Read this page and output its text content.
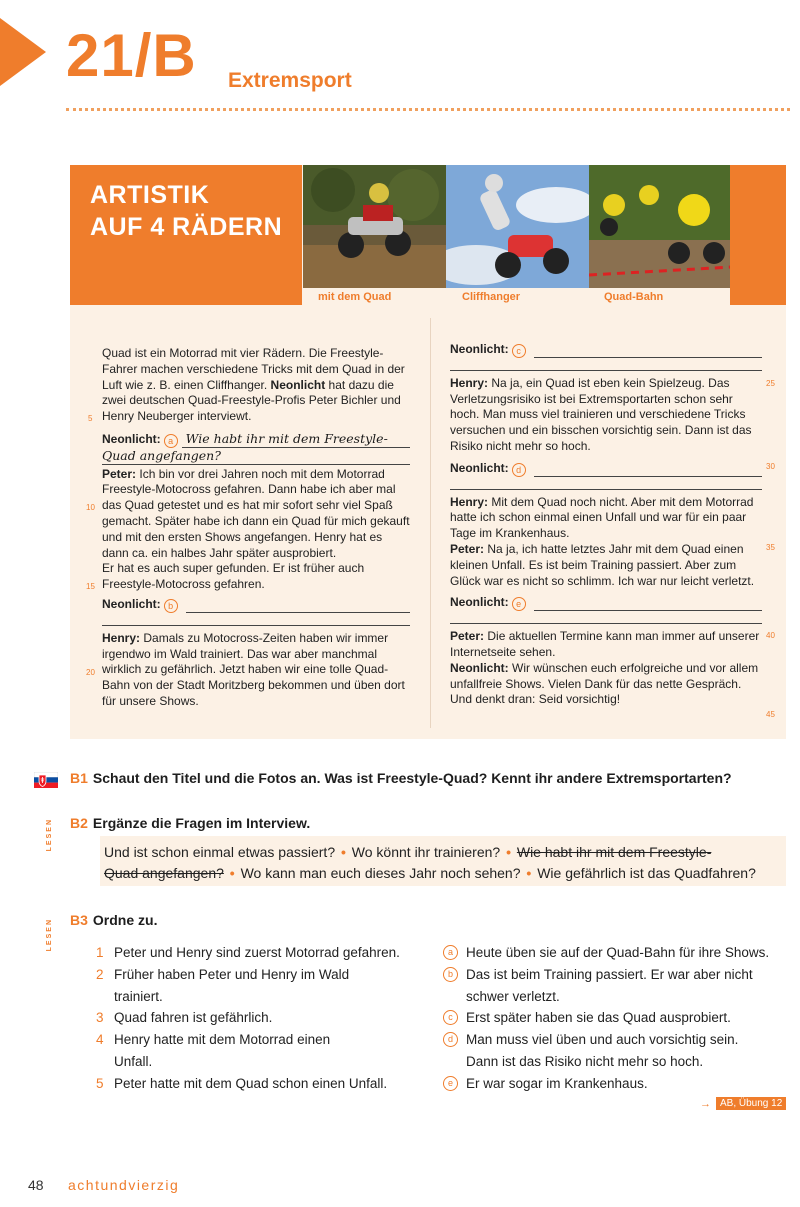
21/B Extremsport
ARTISTIK
AUF 4 RÄDERN
mit dem Quad	Cliffhanger	Quad-Bahn

Quad ist ein Motorrad mit vier Rädern. Die Freestyle-Fahrer machen verschiedene Tricks mit dem Quad in der Luft wie z. B. einen Cliffhanger. Neonlicht hat dazu die zwei deutschen Quad-Freestyle-Profis Peter Bichler und Henry Neuberger interviewt.

Neonlicht: a	Wie habt ihr mit dem Freestyle-
Quad angefangen?

Peter: Ich bin vor drei Jahren noch mit dem Motorrad Freestyle-Motocross gefahren. Dann habe ich aber mal das Quad getestet und es hat mir sofort sehr viel Spaß gemacht. Später habe ich dann ein Quad für mich gekauft und mit den ersten Shows angefangen. Henry hat es dann ca. ein halbes Jahr später ausprobiert.

Er hat es auch super gefunden. Er ist früher auch Freestyle-Motocross gefahren.

Neonlicht: b

Henry: Damals zu Motocross-Zeiten haben wir immer irgendwo im Wald trainiert. Das war aber manchmal wirklich zu gefährlich. Jetzt haben wir eine tolle Quad-Bahn von der Stadt Moritzberg bekommen und üben dort für unsere Shows.

5
10
15
20
Neonlicht: c

Henry: Na ja, ein Quad ist eben kein Spielzeug. Das Verletzungsrisiko ist bei Extremsportarten schon sehr hoch. Man muss viel trainieren und verschiedene Tricks versuchen und ein bisschen vorsichtig sein. Dann ist das Risiko nicht mehr so hoch.

Neonlicht: d

Henry: Mit dem Quad noch nicht. Aber mit dem Motorrad hatte ich schon einmal einen Unfall und war für ein paar Tage im Krankenhaus.

Peter: Na ja, ich hatte letztes Jahr mit dem Quad einen kleinen Unfall. Es ist beim Training passiert. Aber zum Glück war es nicht so schlimm. Ich war nur leicht verletzt.

Neonlicht: e

Peter: Die aktuellen Termine kann man immer auf unserer Internetseite sehen.

Neonlicht: Wir wünschen euch erfolgreiche und vor allem unfallfreie Shows. Vielen Dank für das nette Gespräch. Und denkt dran: Seid vorsichtig!

25
30
35
40
45
B1 Schaut den Titel und die Fotos an. Was ist Freestyle-Quad? Kennt ihr andere Extremsportarten?
LESEN B2 Ergänze die Fragen im Interview.
Und ist schon einmal etwas passiert? • Wo könnt ihr trainieren? • Wie habt ihr mit dem Freestyle-
Quad angefangen? • Wo kann man euch dieses Jahr noch sehen? • Wie gefährlich ist das Quadfahren?
LESEN B3 Ordne zu.
1 Peter und Henry sind zuerst Motorrad gefahren.
2 Früher haben Peter und Henry im Wald
trainiert.
3 Quad fahren ist gefährlich.
4 Henry hatte mit dem Motorrad einen
Unfall.
5 Peter hatte mit dem Quad schon einen Unfall.
a Heute üben sie auf der Quad-Bahn für ihre Shows.
b Das ist beim Training passiert. Er war aber nicht
schwer verletzt.
c Erst später haben sie das Quad ausprobiert.
d Man muss viel üben und auch vorsichtig sein.
Dann ist das Risiko nicht mehr so hoch.
e Er war sogar im Krankenhaus.
→ AB, Übung 12
48 achtundvierzig
